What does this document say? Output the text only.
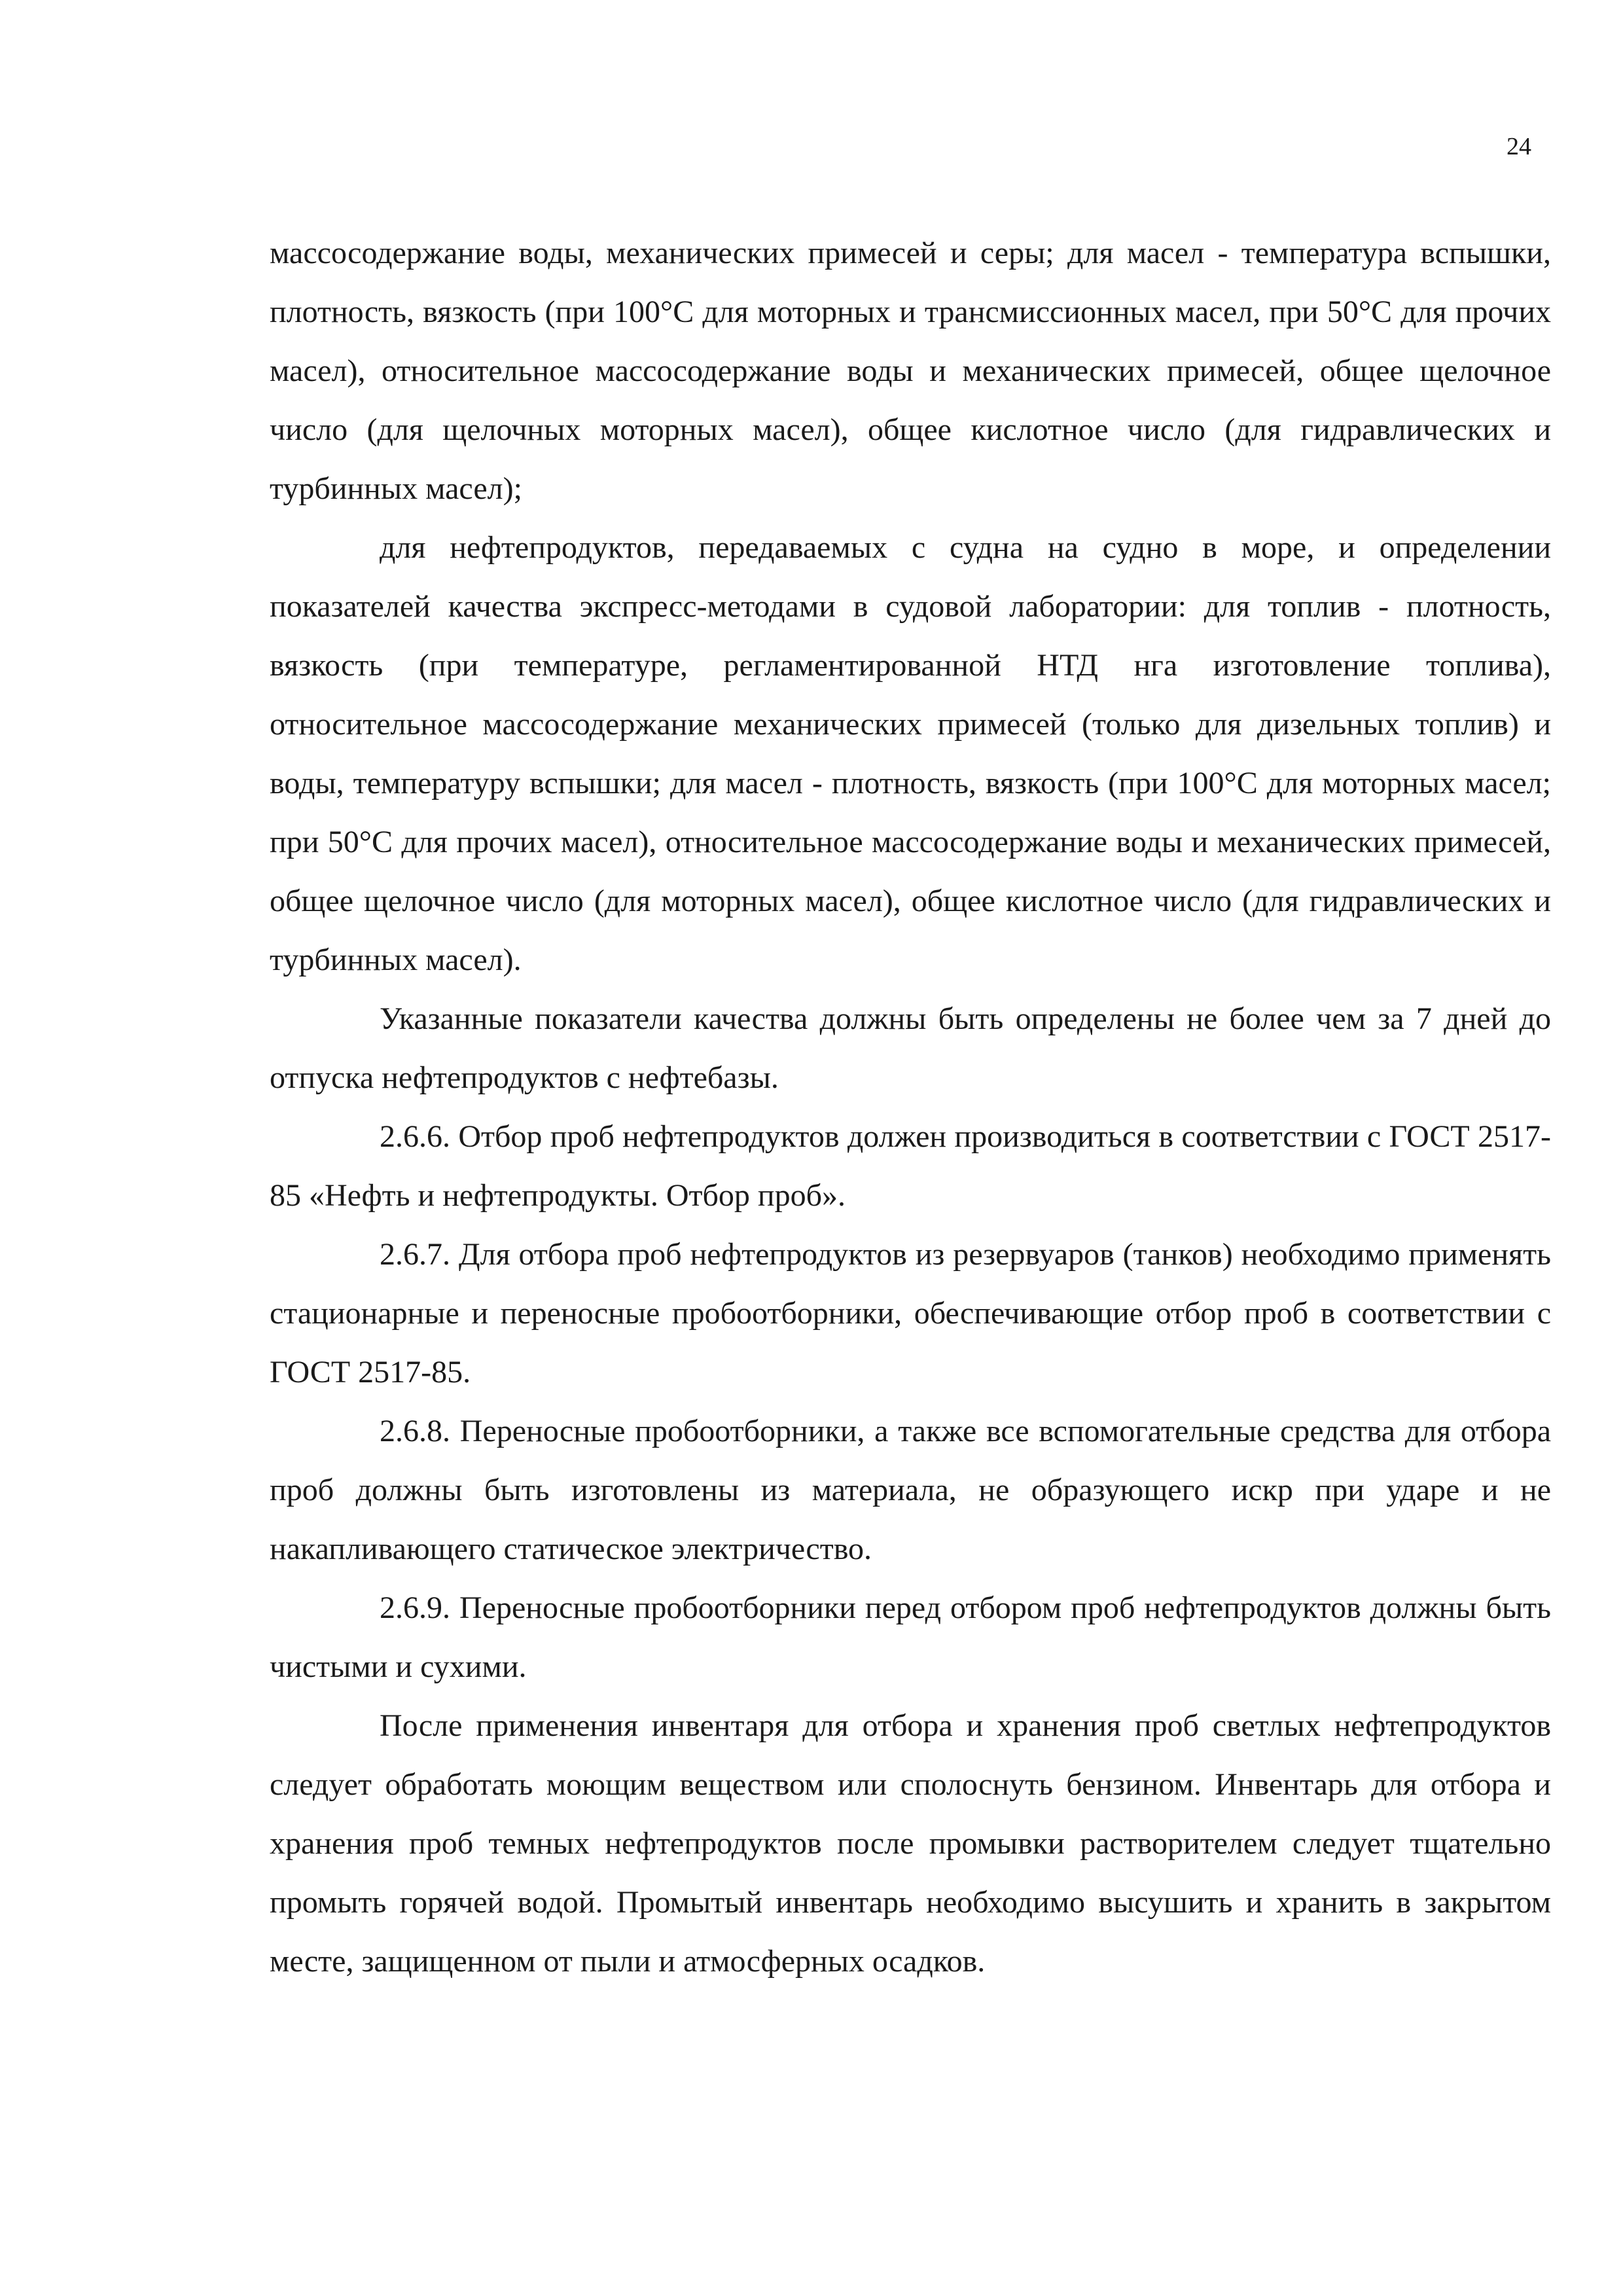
24

массосодержание воды, механических примесей и серы; для масел - температура вспышки, плотность, вязкость (при 100°С для моторных и трансмиссионных масел, при 50°С для прочих масел), относительное массосодержание воды и механических примесей, общее щелочное число (для щелочных моторных масел), общее кислотное число (для гидравлических и турбинных масел);

для нефтепродуктов, передаваемых с судна на судно в море, и определении показателей качества экспресс-методами в судовой лаборатории: для топлив - плотность, вязкость (при температуре, регламентированной НТД нга изготовление топлива), относительное массосодержание механических примесей (только для дизельных топлив) и воды, температуру вспышки; для масел - плотность, вязкость (при 100°С для моторных масел; при 50°С для прочих масел), относительное массосодержание воды и механических примесей, общее щелочное число (для моторных масел), общее кислотное число (для гидравлических и турбинных масел).

Указанные показатели качества должны быть определены не более чем за 7 дней до отпуска нефтепродуктов с нефтебазы.

2.6.6. Отбор проб нефтепродуктов должен производиться в соответствии с ГОСТ 2517-85 «Нефть и нефтепродукты. Отбор проб».

2.6.7. Для отбора проб нефтепродуктов из резервуаров (танков) необходимо применять стационарные и переносные пробоотборники, обеспечивающие отбор проб в соответствии с ГОСТ 2517-85.

2.6.8. Переносные пробоотборники, а также все вспомогательные средства для отбора проб должны быть изготовлены из материала, не образующего искр при ударе и не накапливающего статическое электричество.

2.6.9. Переносные пробоотборники перед отбором проб нефтепродуктов должны быть чистыми и сухими.

После применения инвентаря для отбора и хранения проб светлых нефтепродуктов следует обработать моющим веществом или сполоснуть бензином. Инвентарь для отбора и хранения проб темных нефтепродуктов после промывки растворителем следует тщательно промыть горячей водой. Промытый инвентарь необходимо высушить и хранить в закрытом месте, защищенном от пыли и атмосферных осадков.
